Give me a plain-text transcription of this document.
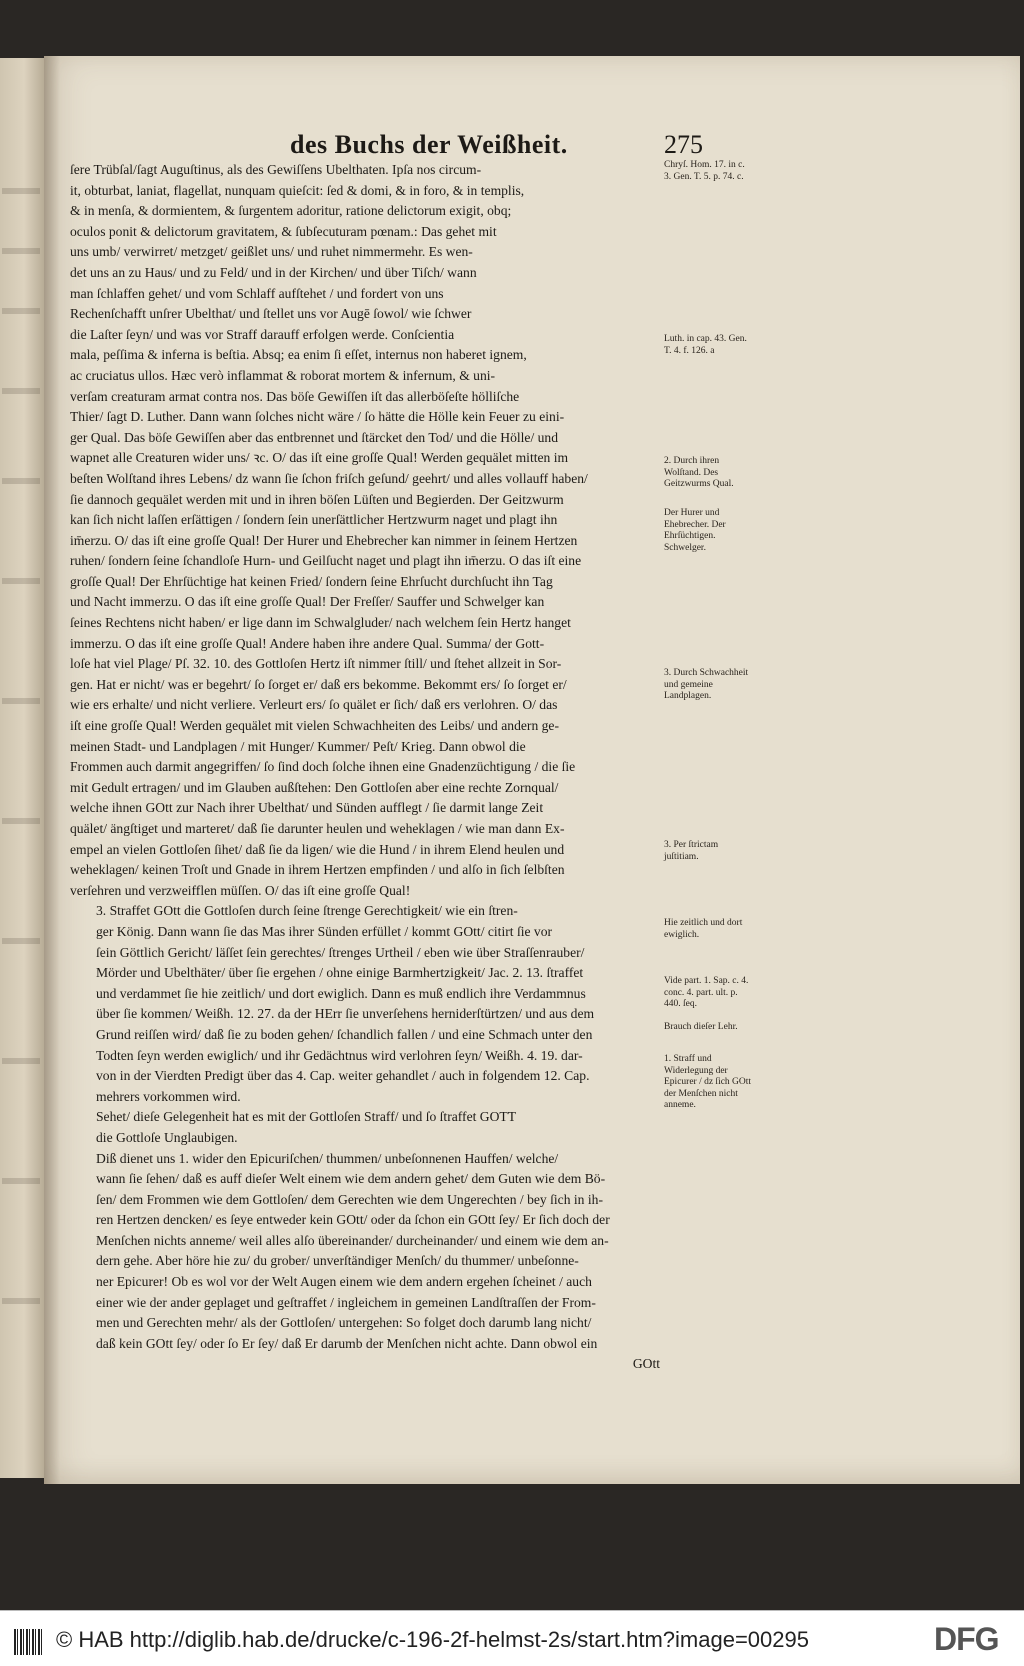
des Buchs der Weißheit.	275

ſere Trübſal/ſagt Auguſtinus, als des Gewiſſens Ubelthaten. Ipſa nos circum-

it, obturbat, laniat, flagellat, nunquam quieſcit: ſed & domi, & in foro, & in templis,

& in menſa, & dormientem, & ſurgentem adoritur, ratione delictorum exigit, obq;

oculos ponit & delictorum gravitatem, & ſubſecuturam pœnam.: Das gehet mit

uns umb/ verwirret/ metzget/ geißlet uns/ und ruhet nimmermehr. Es wen-

det uns an zu Haus/ und zu Feld/ und in der Kirchen/ und über Tiſch/ wann

man ſchlaffen gehet/ und vom Schlaff aufſtehet / und fordert von uns

Rechenſchafft unſrer Ubelthat/ und ſtellet uns vor Augē ſowol/ wie ſchwer

die Laſter ſeyn/ und was vor Straff darauff erfolgen werde. Conſcientia

mala, peſſima & inferna is beſtia. Absq; ea enim ſi eſſet, internus non haberet ignem,

ac cruciatus ullos. Hæc verò inflammat & roborat mortem & infernum, & uni-

verſam creaturam armat contra nos. Das böſe Gewiſſen iſt das allerböſeſte hölliſche

Thier/ ſagt D. Luther. Dann wann ſolches nicht wäre / ſo hätte die Hölle kein Feuer zu eini-

ger Qual. Das böſe Gewiſſen aber das entbrennet und ſtärcket den Tod/ und die Hölle/ und

wapnet alle Creaturen wider uns/ ꝛc. O/ das iſt eine groſſe Qual! Werden gequälet mitten im

beſten Wolſtand ihres Lebens/ dz wann ſie ſchon friſch geſund/ geehrt/ und alles vollauff haben/

ſie dannoch gequälet werden mit und in ihren böſen Lüſten und Begierden. Der Geitzwurm

kan ſich nicht laſſen erſättigen / ſondern ſein unerſättlicher Hertzwurm naget und plagt ihn

im̄erzu. O/ das iſt eine groſſe Qual! Der Hurer und Ehebrecher kan nimmer in ſeinem Hertzen

ruhen/ ſondern ſeine ſchandloſe Hurn- und Geilſucht naget und plagt ihn im̄erzu. O das iſt eine

groſſe Qual! Der Ehrſüchtige hat keinen Fried/ ſondern ſeine Ehrſucht durchſucht ihn Tag

und Nacht immerzu. O das iſt eine groſſe Qual! Der Freſſer/ Sauffer und Schwelger kan

ſeines Rechtens nicht haben/ er lige dann im Schwalgluder/ nach welchem ſein Hertz hanget

immerzu. O das iſt eine groſſe Qual! Andere haben ihre andere Qual. Summa/ der Gott-

loſe hat viel Plage/ Pſ. 32. 10. des Gottloſen Hertz iſt nimmer ſtill/ und ſtehet allzeit in Sor-

gen. Hat er nicht/ was er begehrt/ ſo ſorget er/ daß ers bekomme. Bekommt ers/ ſo ſorget er/

wie ers erhalte/ und nicht verliere. Verleurt ers/ ſo quälet er ſich/ daß ers verlohren. O/ das

iſt eine groſſe Qual! Werden gequälet mit vielen Schwachheiten des Leibs/ und andern ge-

meinen Stadt- und Landplagen / mit Hunger/ Kummer/ Peſt/ Krieg. Dann obwol die

Frommen auch darmit angegriffen/ ſo ſind doch ſolche ihnen eine Gnadenzüchtigung / die ſie

mit Gedult ertragen/ und im Glauben außſtehen: Den Gottloſen aber eine rechte Zornqual/

welche ihnen GOtt zur Nach ihrer Ubelthat/ und Sünden aufflegt / ſie darmit lange Zeit

quälet/ ängſtiget und marteret/ daß ſie darunter heulen und weheklagen / wie man dann Ex-

empel an vielen Gottloſen ſihet/ daß ſie da ligen/ wie die Hund / in ihrem Elend heulen und

weheklagen/ keinen Troſt und Gnade in ihrem Hertzen empfinden / und alſo in ſich ſelbſten

verſehren und verzweifflen müſſen. O/ das iſt eine groſſe Qual!

3. Straffet GOtt die Gottloſen durch ſeine ſtrenge Gerechtigkeit/ wie ein ſtren-

ger König. Dann wann ſie das Mas ihrer Sünden erfüllet / kommt GOtt/ citirt ſie vor

ſein Göttlich Gericht/ läſſet ſein gerechtes/ ſtrenges Urtheil / eben wie über Straſſenrauber/

Mörder und Ubelthäter/ über ſie ergehen / ohne einige Barmhertzigkeit/ Jac. 2. 13. ſtraffet

und verdammet ſie hie zeitlich/ und dort ewiglich. Dann es muß endlich ihre Verdammnus

über ſie kommen/ Weißh. 12. 27. da der HErr ſie unverſehens herniderſtürtzen/ und aus dem

Grund reiſſen wird/ daß ſie zu boden gehen/ ſchandlich fallen / und eine Schmach unter den

Todten ſeyn werden ewiglich/ und ihr Gedächtnus wird verlohren ſeyn/ Weißh. 4. 19. dar-

von in der Vierdten Predigt über das 4. Cap. weiter gehandlet / auch in folgendem 12. Cap.

mehrers vorkommen wird.

Sehet/ dieſe Gelegenheit hat es mit der Gottloſen Straff/ und ſo ſtraffet GOTT

die Gottloſe Unglaubigen.

Diß dienet uns 1. wider den Epicuriſchen/ thummen/ unbeſonnenen Hauffen/ welche/

wann ſie ſehen/ daß es auff dieſer Welt einem wie dem andern gehet/ dem Guten wie dem Bö-

ſen/ dem Frommen wie dem Gottloſen/ dem Gerechten wie dem Ungerechten / bey ſich in ih-

ren Hertzen dencken/ es ſeye entweder kein GOtt/ oder da ſchon ein GOtt ſey/ Er ſich doch der

Menſchen nichts anneme/ weil alles alſo übereinander/ durcheinander/ und einem wie dem an-

dern gehe. Aber höre hie zu/ du grober/ unverſtändiger Menſch/ du thummer/ unbeſonne-

ner Epicurer! Ob es wol vor der Welt Augen einem wie dem andern ergehen ſcheinet / auch

einer wie der ander geplaget und geſtraffet / ingleichem in gemeinen Landſtraſſen der From-

men und Gerechten mehr/ als der Gottloſen/ untergehen: So folget doch darumb lang nicht/

daß kein GOtt ſey/ oder ſo Er ſey/ daß Er darumb der Menſchen nicht achte. Dann obwol ein

GOtt

Chryſ. Hom. 17. in c. 3. Gen. T. 5. p. 74. c.
Luth. in cap. 43. Gen. T. 4. f. 126. a
2. Durch ihren Wolſtand. Des Geitzwurms Qual.
Der Hurer und Ehebrecher. Der Ehrſüchtigen. Schwelger.
3. Durch Schwachheit und gemeine Landplagen.
3. Per ſtrictam juſtitiam.
Hie zeitlich und dort ewiglich.
Vide part. 1. Sap. c. 4. conc. 4. part. ult. p. 440. ſeq.
Brauch dieſer Lehr.
1. Straff und Widerlegung der Epicurer / dz ſich GOtt der Menſchen nicht anneme.
© HAB http://diglib.hab.de/drucke/c-196-2f-helmst-2s/start.htm?image=00295	DFG
